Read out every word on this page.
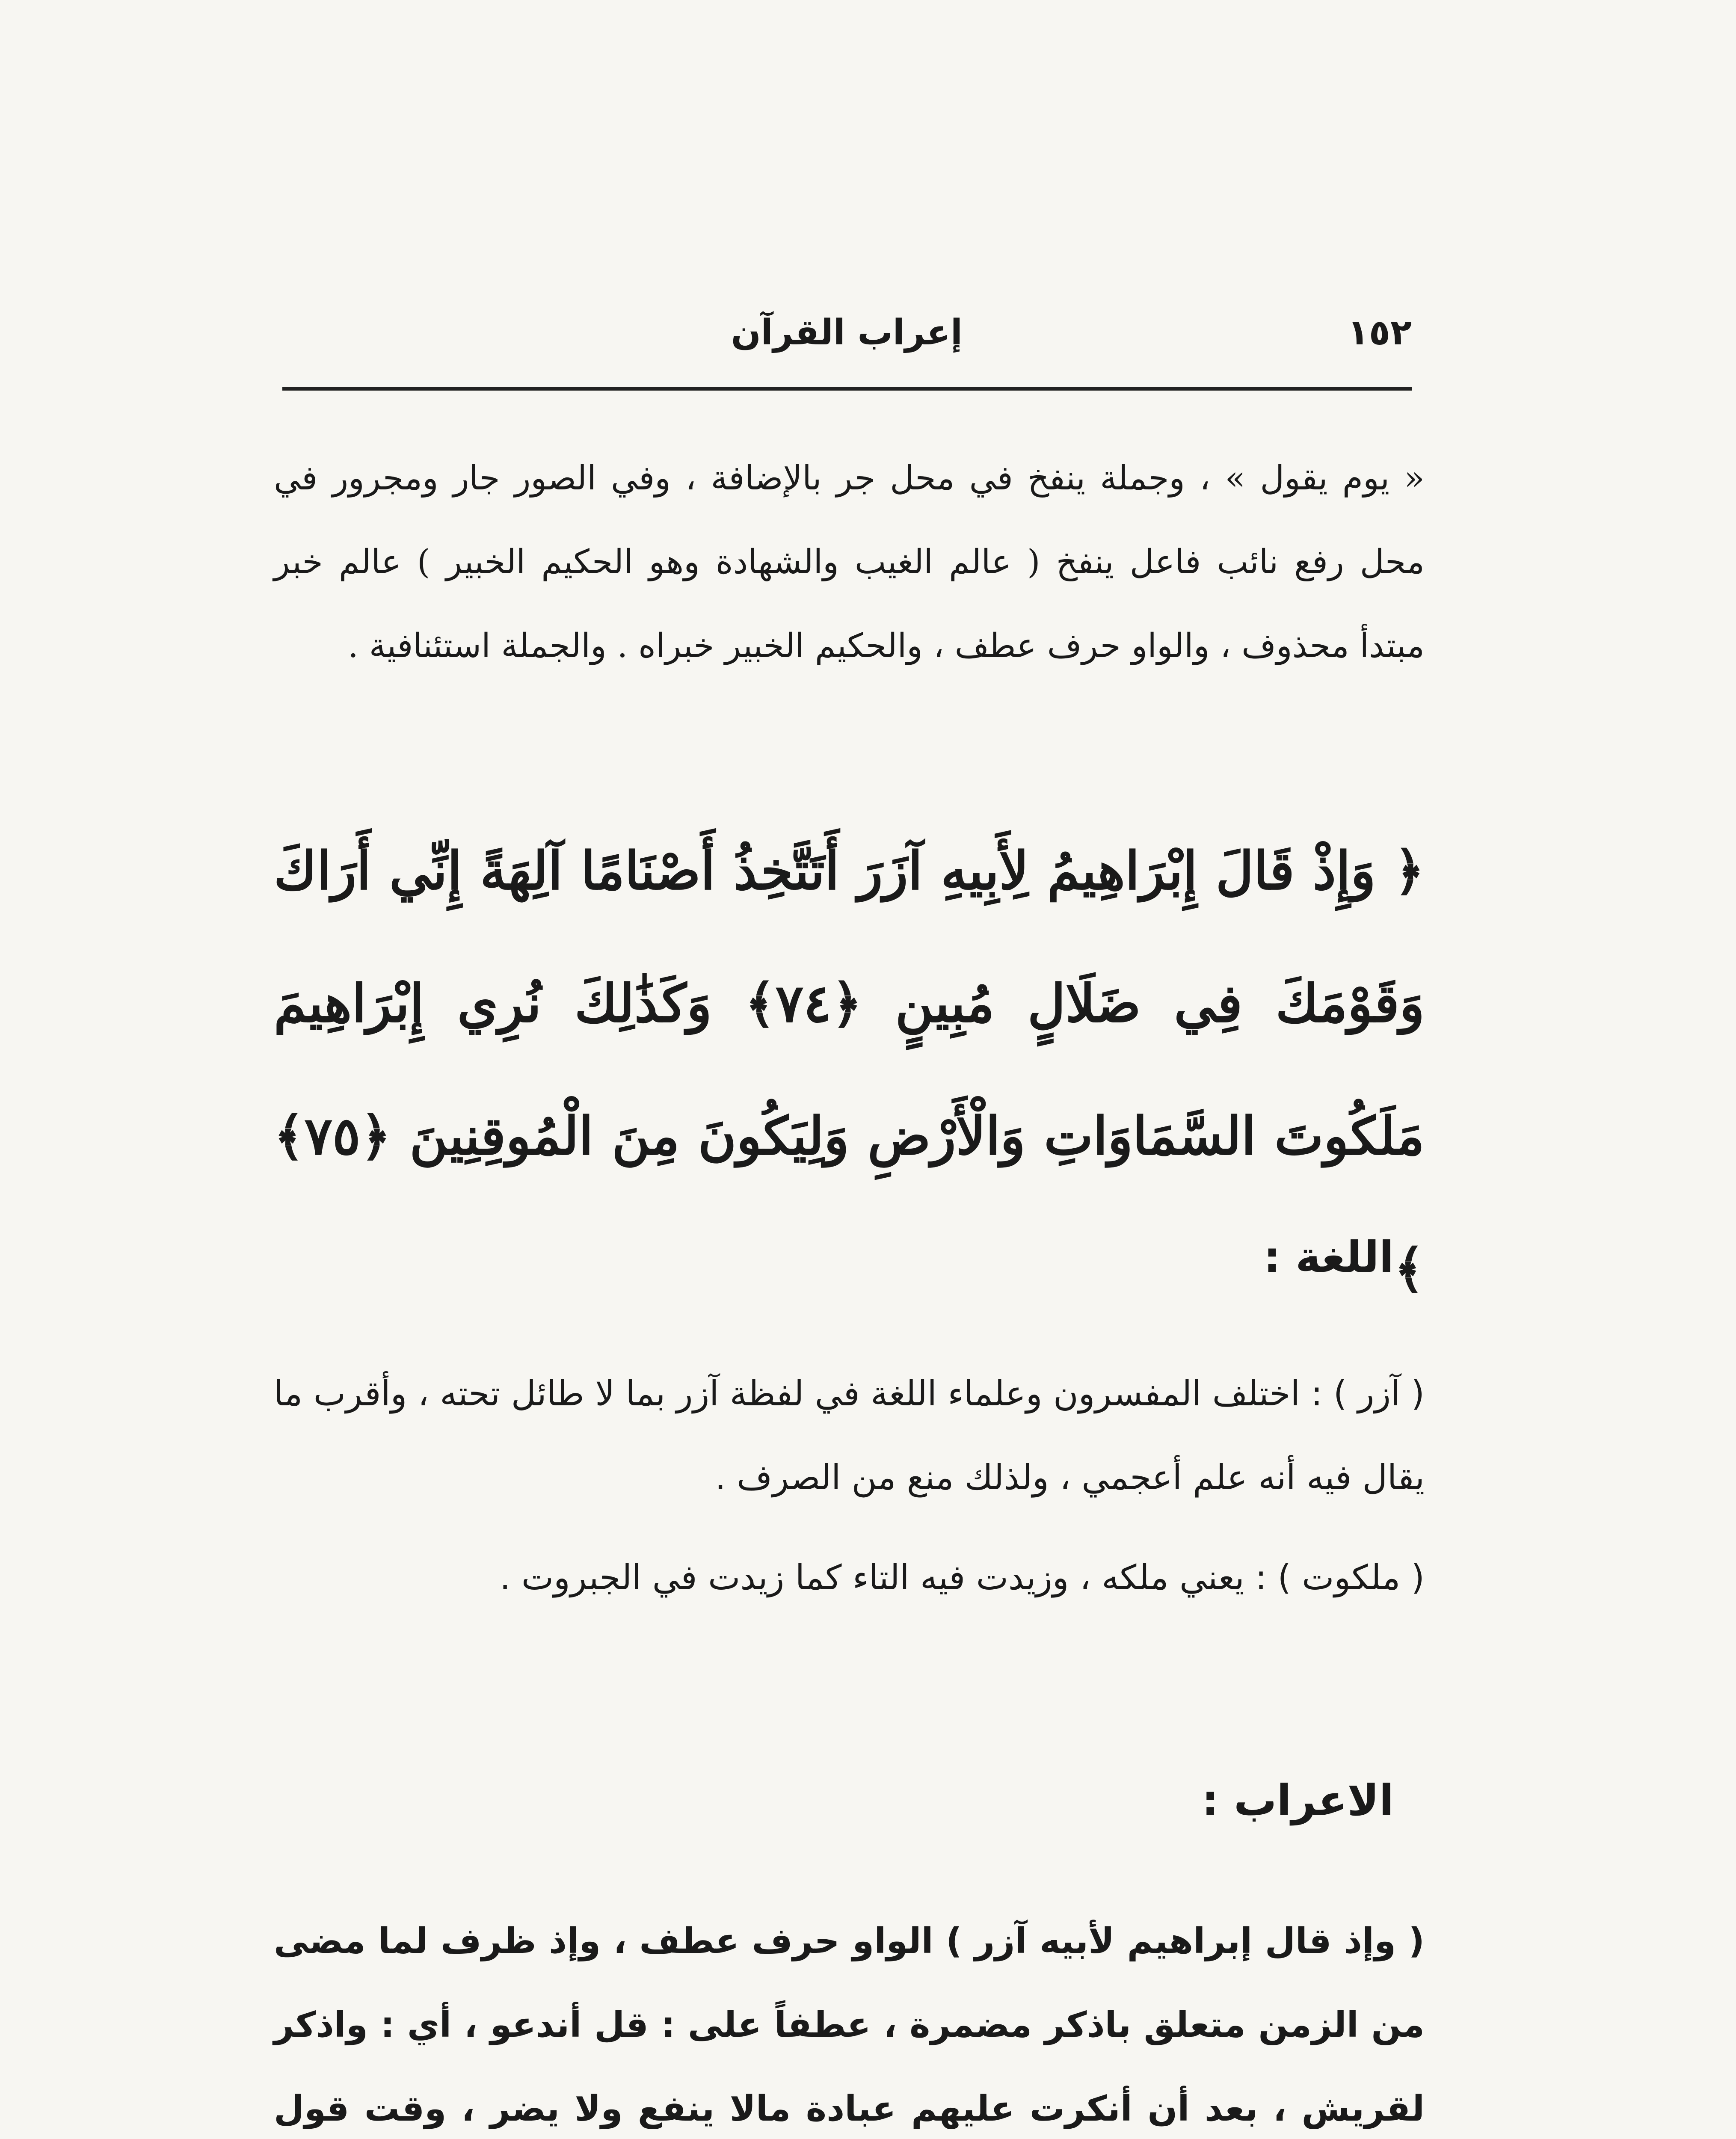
١٥٢
إعراب القرآن

« يوم يقول » ، وجملة ينفخ في محل جر بالإضافة ، وفي الصور جار ومجرور في محل رفع نائب فاعل ينفخ ( عالم الغيب والشهادة وهو الحكيم الخبير ) عالم خبر مبتدأ محذوف ، والواو حرف عطف ، والحكيم الخبير خبراه . والجملة استئنافية .

﴿ وَإِذْ قَالَ إِبْرَاهِيمُ لِأَبِيهِ آزَرَ أَتَتَّخِذُ أَصْنَامًا آلِهَةً إِنِّي أَرَاكَ وَقَوْمَكَ فِي ضَلَالٍ مُبِينٍ ﴿٧٤﴾ وَكَذَٰلِكَ نُرِي إِبْرَاهِيمَ مَلَكُوتَ السَّمَاوَاتِ وَالْأَرْضِ وَلِيَكُونَ مِنَ الْمُوقِنِينَ ﴿٧٥﴾ ﴾

اللغة :

( آزر ) : اختلف المفسرون وعلماء اللغة في لفظة آزر بما لا طائل تحته ، وأقرب ما يقال فيه أنه علم أعجمي ، ولذلك منع من الصرف .

( ملكوت ) : يعني ملكه ، وزيدت فيه التاء كما زيدت في الجبروت .

الاعراب :

( وإذ قال إبراهيم لأبيه آزر ) الواو حرف عطف ، وإذ ظرف لما مضى من الزمن متعلق باذكر مضمرة ، عطفاً على : قل أندعو ، أي : واذكر لقريش ، بعد أن أنكرت عليهم عبادة مالا ينفع ولا يضر ، وقت قول
